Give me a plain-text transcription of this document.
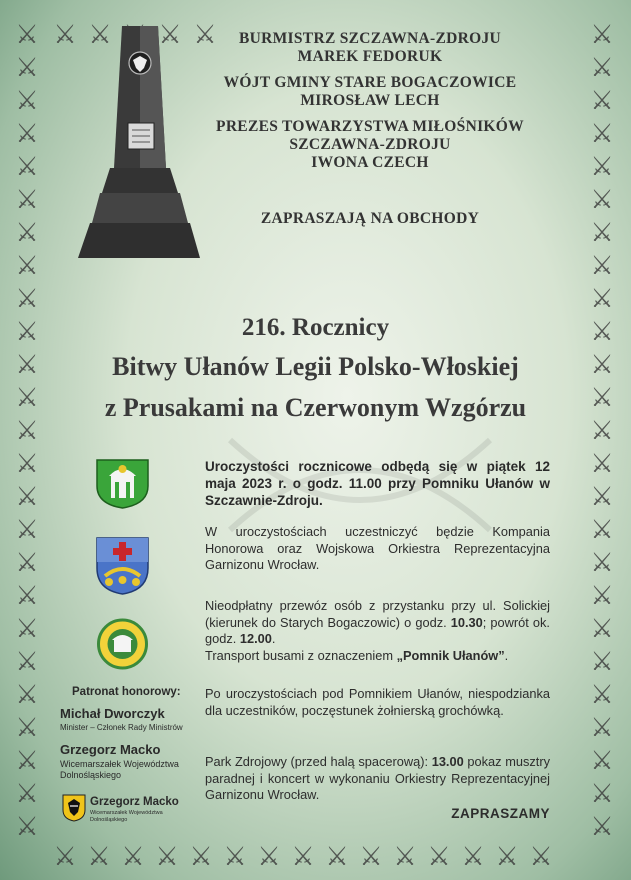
⚔	⚔
⚔	⚔
⚔	⚔
⚔	⚔
⚔	⚔
⚔	⚔
⚔	⚔
⚔	⚔
⚔	⚔
⚔	⚔
⚔	⚔
⚔	⚔
⚔	⚔
⚔	⚔
⚔	⚔
⚔	⚔
⚔	⚔
⚔	⚔
⚔	⚔
⚔	⚔
⚔	⚔
⚔	⚔
⚔	⚔
⚔	⚔
⚔	⚔
⚔ ⚔ ⚔ ⚔
⚔ ⚔ ⚔ ⚔ ⚔ ⚔ ⚔ ⚔ ⚔ ⚔ ⚔ ⚔ ⚔ ⚔ ⚔
BURMISTRZ SZCZAWNA-ZDROJU
MAREK FEDORUK
WÓJT GMINY STARE BOGACZOWICE
MIROSŁAW LECH
PREZES TOWARZYSTWA MIŁOŚNIKÓW
SZCZAWNA-ZDROJU
IWONA CZECH
ZAPRASZAJĄ NA OBCHODY
216. Rocznicy
Bitwy Ułanów Legii Polsko-Włoskiej
z Prusakami na Czerwonym Wzgórzu
Uroczystości rocznicowe odbędą się w piątek 12 maja 2023 r. o godz. 11.00 przy Pomniku Ułanów w Szczawnie-Zdroju.
W uroczystościach uczestniczyć będzie Kompania Honorowa oraz Wojskowa Orkiestra Reprezentacyjna Garnizonu Wrocław.
Nieodpłatny przewóz osób z przystanku przy ul. Solickiej (kierunek do Starych Bogaczowic) o godz. 10.30; powrót ok. godz. 12.00.
Transport busami z oznaczeniem „Pomnik Ułanów”.
Po uroczystościach pod Pomnikiem Ułanów, niespodzianka dla uczestników, poczęstunek żołnierską grochówką.
Park Zdrojowy (przed halą spacerową): 13.00 pokaz musztry paradnej i koncert w wykonaniu Orkiestry Reprezentacyjnej Garnizonu Wrocław.
ZAPRASZAMY
Patronat honorowy:
Michał Dworczyk
Minister – Członek Rady Ministrów
Grzegorz Macko
Wicemarszałek Województwa
Dolnośląskiego
Grzegorz Macko
Wicemarszałek Województwa
Dolnośląskiego
